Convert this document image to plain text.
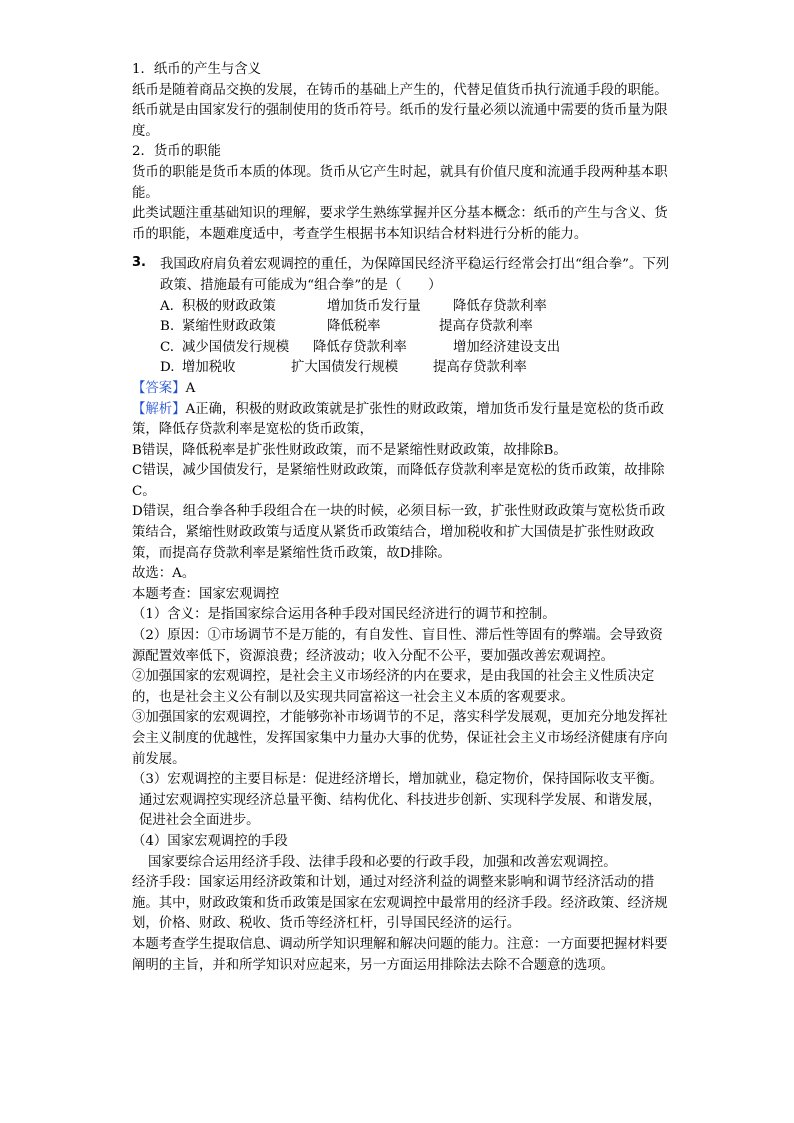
1．纸币的产生与含义

纸币是随着商品交换的发展，在铸币的基础上产生的，代替足值货币执行流通手段的职能。

纸币就是由国家发行的强制使用的货币符号。纸币的发行量必须以流通中需要的货币量为限度。

2．货币的职能

货币的职能是货币本质的体现。货币从它产生时起，就具有价值尺度和流通手段两种基本职能。

此类试题注重基础知识的理解，要求学生熟练掌握并区分基本概念：纸币的产生与含义、货币的职能，本题难度适中，考查学生根据书本知识结合材料进行分析的能力。

3.	我国政府肩负着宏观调控的重任，为保障国民经济平稳运行经常会打出“组合拳”。下列政策、措施最有可能成为“组合拳”的是（　　）

A. 积极的财政政策	增加货币发行量	降低存贷款利率
B. 紧缩性财政政策	降低税率	提高存贷款利率
C. 减少国债发行规模	降低存贷款利率	增加经济建设支出
D. 增加税收	扩大国债发行规模	提高存贷款利率

【答案】A

【解析】A正确，积极的财政政策就是扩张性的财政政策，增加货币发行量是宽松的货币政策，降低存贷款利率是宽松的货币政策，

B错误，降低税率是扩张性财政政策，而不是紧缩性财政政策，故排除B。

C错误，减少国债发行，是紧缩性财政政策，而降低存贷款利率是宽松的货币政策，故排除C。

D错误，组合拳各种手段组合在一块的时候，必须目标一致，扩张性财政政策与宽松货币政策结合，紧缩性财政政策与适度从紧货币政策结合，增加税收和扩大国债是扩张性财政政策，而提高存贷款利率是紧缩性货币政策，故D排除。

故选：A。

本题考查：国家宏观调控

（1）含义：是指国家综合运用各种手段对国民经济进行的调节和控制。

（2）原因：①市场调节不是万能的，有自发性、盲目性、滞后性等固有的弊端。会导致资源配置效率低下，资源浪费；经济波动；收入分配不公平，要加强改善宏观调控。

②加强国家的宏观调控，是社会主义市场经济的内在要求，是由我国的社会主义性质决定的，也是社会主义公有制以及实现共同富裕这一社会主义本质的客观要求。

③加强国家的宏观调控，才能够弥补市场调节的不足，落实科学发展观，更加充分地发挥社会主义制度的优越性，发挥国家集中力量办大事的优势，保证社会主义市场经济健康有序向前发展。

（3）宏观调控的主要目标是：促进经济增长，增加就业，稳定物价，保持国际收支平衡。

通过宏观调控实现经济总量平衡、结构优化、科技进步创新、实现科学发展、和谐发展，促进社会全面进步。

（4）国家宏观调控的手段

国家要综合运用经济手段、法律手段和必要的行政手段，加强和改善宏观调控。

经济手段：国家运用经济政策和计划，通过对经济利益的调整来影响和调节经济活动的措施。其中，财政政策和货币政策是国家在宏观调控中最常用的经济手段。经济政策、经济规划，价格、财政、税收、货币等经济杠杆，引导国民经济的运行。

本题考查学生提取信息、调动所学知识理解和解决问题的能力。注意：一方面要把握材料要阐明的主旨，并和所学知识对应起来，另一方面运用排除法去除不合题意的选项。
